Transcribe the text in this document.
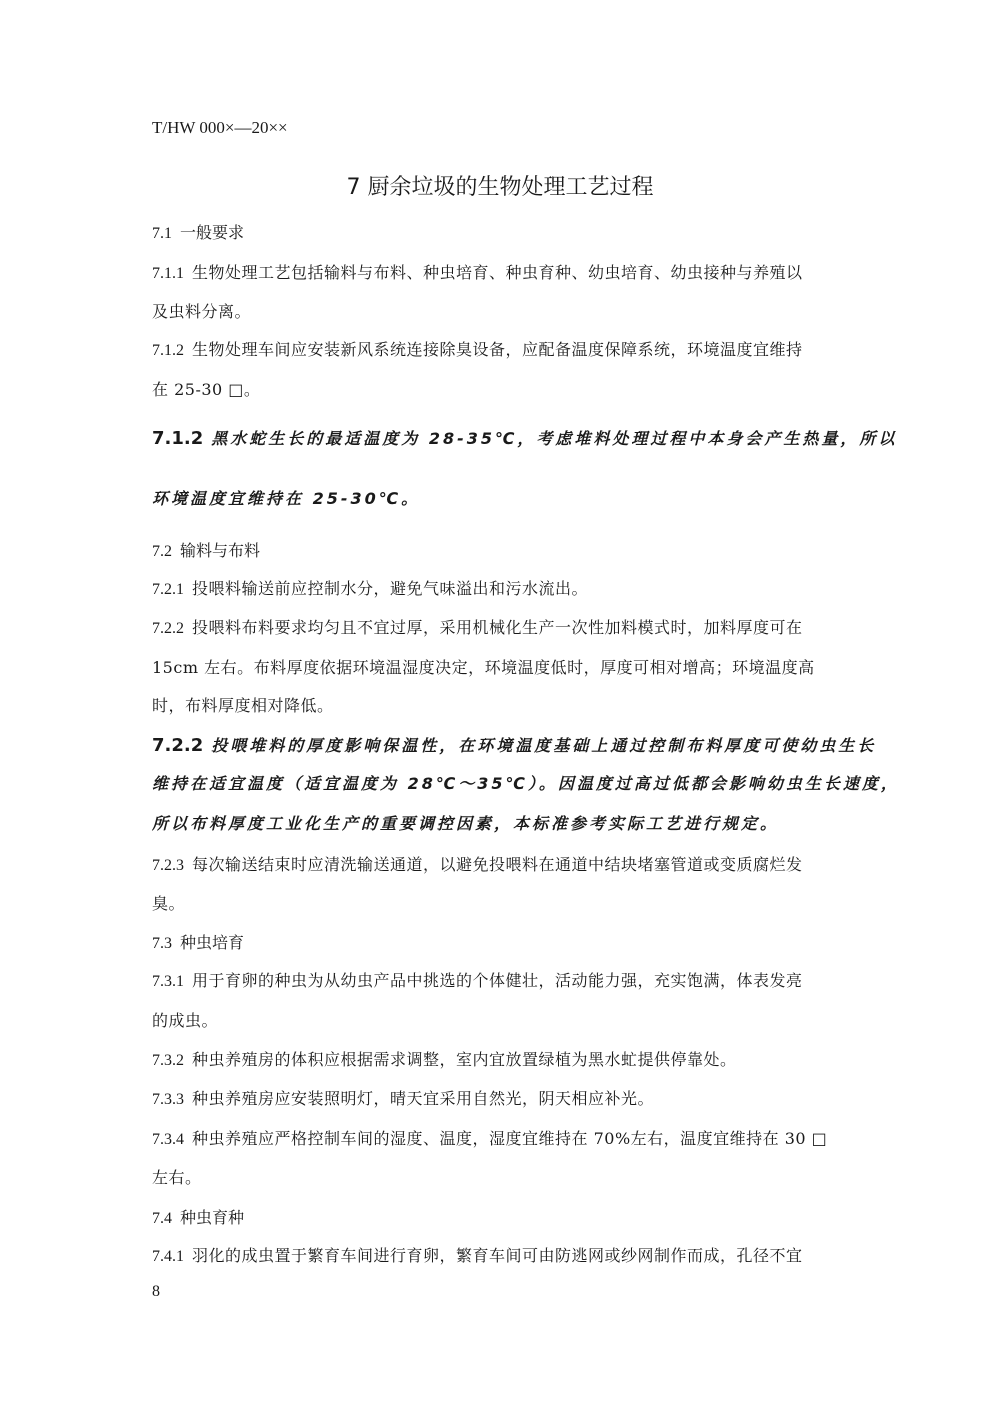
T/HW 000×—20××
7 厨余垃圾的生物处理工艺过程
7.1 一般要求
7.1.1 生物处理工艺包括输料与布料、种虫培育、种虫育种、幼虫培育、幼虫接种与养殖以
及虫料分离。
7.1.2 生物处理车间应安装新风系统连接除臭设备，应配备温度保障系统，环境温度宜维持
在 25-30 □。
7.1.2 黑水蛇生长的最适温度为 28-35℃，考虑堆料处理过程中本身会产生热量，所以
环境温度宜维持在 25-30℃。
7.2 输料与布料
7.2.1 投喂料输送前应控制水分，避免气味溢出和污水流出。
7.2.2 投喂料布料要求均匀且不宜过厚，采用机械化生产一次性加料模式时，加料厚度可在
15cm 左右。布料厚度依据环境温湿度决定，环境温度低时，厚度可相对增高；环境温度高
时，布料厚度相对降低。
7.2.2 投喂堆料的厚度影响保温性，在环境温度基础上通过控制布料厚度可使幼虫生长
维持在适宜温度（适宜温度为 28℃～35℃）。因温度过高过低都会影响幼虫生长速度，
所以布料厚度工业化生产的重要调控因素，本标准参考实际工艺进行规定。
7.2.3 每次输送结束时应清洗输送通道，以避免投喂料在通道中结块堵塞管道或变质腐烂发
臭。
7.3 种虫培育
7.3.1 用于育卵的种虫为从幼虫产品中挑选的个体健壮，活动能力强，充实饱满，体表发亮
的成虫。
7.3.2 种虫养殖房的体积应根据需求调整，室内宜放置绿植为黑水虻提供停靠处。
7.3.3 种虫养殖房应安装照明灯，晴天宜采用自然光，阴天相应补光。
7.3.4 种虫养殖应严格控制车间的湿度、温度，湿度宜维持在 70%左右，温度宜维持在 30 □
左右。
7.4 种虫育种
7.4.1 羽化的成虫置于繁育车间进行育卵，繁育车间可由防逃网或纱网制作而成，孔径不宜
8
